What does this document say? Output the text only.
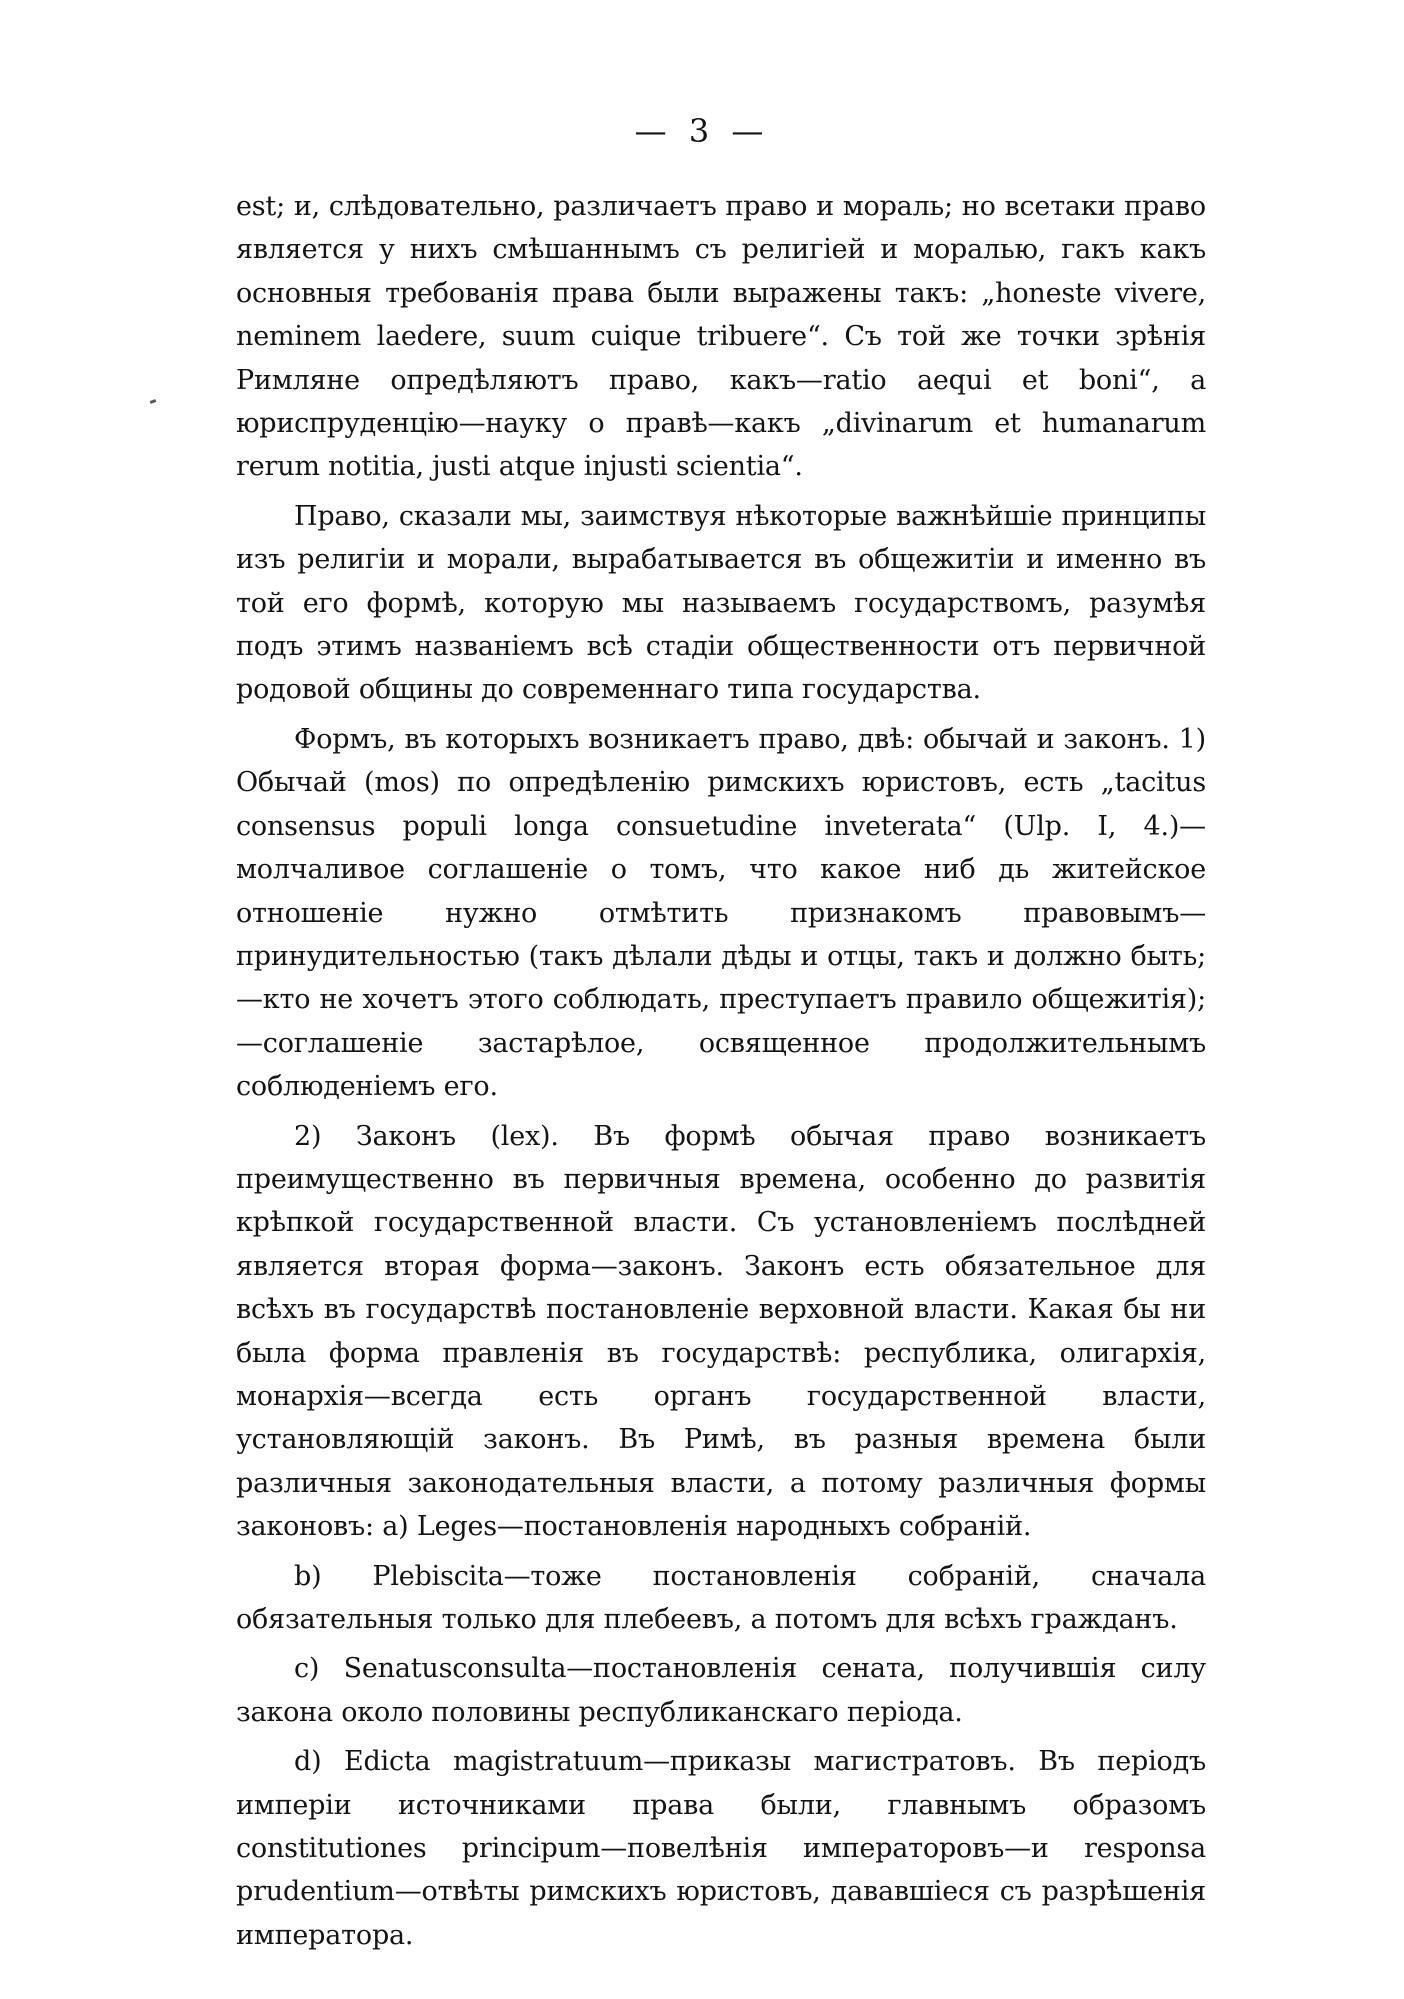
— 3 —

est; и, слѣдовательно, различаетъ право и мораль; но всетаки право является у нихъ смѣшаннымъ съ религіей и моралью, гакъ какъ основныя требованія права были выражены такъ: „honeste vivere, neminem laedere, suum cuique tribuere“. Съ той же точки зрѣнія Римляне опредѣляютъ право, какъ—ratio aequi et boni“, а юриспруденцію—науку о правѣ—какъ „divinarum et humanarum rerum notitia, justi atque injusti scientia“.

Право, сказали мы, заимствуя нѣкоторые важнѣйшіе принципы изъ религіи и морали, вырабатывается въ общежитіи и именно въ той его формѣ, которую мы называемъ государствомъ, разумѣя подъ этимъ названіемъ всѣ стадіи общественности отъ первичной родовой общины до современнаго типа государства.

Формъ, въ которыхъ возникаетъ право, двѣ: обычай и законъ. 1) Обычай (mos) по опредѣленію римскихъ юристовъ, есть „tacitus consensus populi longa consuetudine inveterata“ (Ulp. I, 4.)—молчаливое соглашеніе о томъ, что какое ниб дь житейское отношеніе нужно отмѣтить признакомъ правовымъ—принудительностью (такъ дѣлали дѣды и отцы, такъ и должно быть;—кто не хочетъ этого соблюдать, преступаетъ правило общежитія);—соглашеніе застарѣлое, освященное продолжительнымъ соблюденіемъ его.

2) Законъ (lex). Въ формѣ обычая право возникаетъ преимущественно въ первичныя времена, особенно до развитія крѣпкой государственной власти. Съ установленіемъ послѣдней является вторая форма—законъ. Законъ есть обязательное для всѣхъ въ государствѣ постановленіе верховной власти. Какая бы ни была форма правленія въ государствѣ: республика, олигархія, монархія—всегда есть органъ государственной власти, установляющій законъ. Въ Римѣ, въ разныя времена были различныя законодательныя власти, а потому различныя формы законовъ: а) Leges—постановленія народныхъ собраній.

b) Plebiscita—тоже постановленія собраній, сначала обязательныя только для плебеевъ, а потомъ для всѣхъ гражданъ.

c) Senatusconsulta—постановленія сената, получившія силу закона около половины республиканскаго періода.

d) Edicta magistratuum—приказы магистратовъ. Въ періодъ имперіи источниками права были, главнымъ образомъ constitutiones principum—повелѣнія императоровъ—и responsa prudentium—отвѣты римскихъ юристовъ, дававшіеся съ разрѣшенія императора.
